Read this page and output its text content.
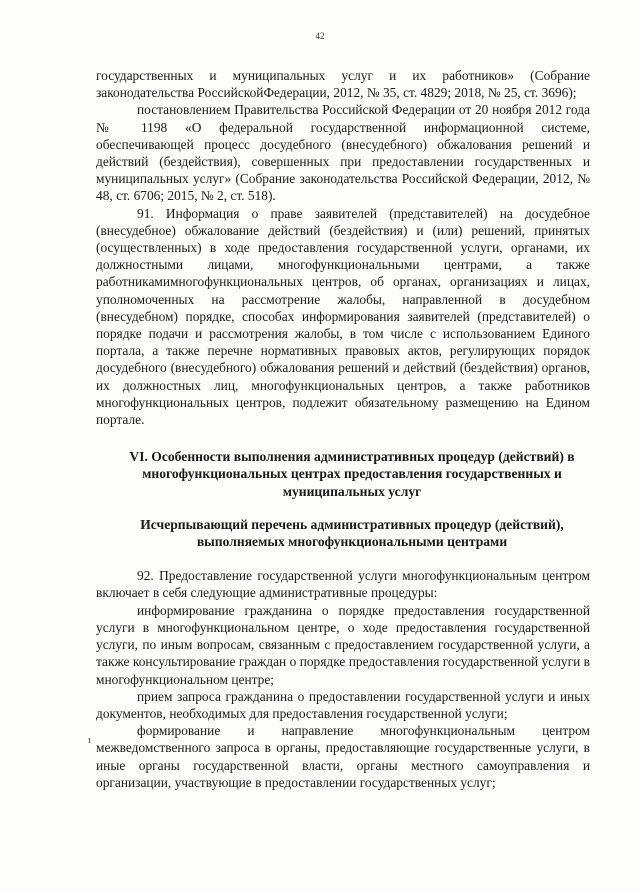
42

государственных и муниципальных услуг и их работников» (Собрание законодательства РоссийскойФедерации, 2012, № 35, ст. 4829; 2018, № 25, ст. 3696);

постановлением Правительства Российской Федерации от 20 ноября 2012 года № 1198 «О федеральной государственной информационной системе, обеспечивающей процесс досудебного (внесудебного) обжалования решений и действий (бездействия), совершенных при предоставлении государственных и муниципальных услуг» (Собрание законодательства Российской Федерации, 2012, № 48, ст. 6706; 2015, № 2, ст. 518).

91. Информация о праве заявителей (представителей) на досудебное (внесудебное) обжалование действий (бездействия) и (или) решений, принятых (осуществленных) в ходе предоставления государственной услуги, органами, их должностными лицами, многофункциональными центрами, а также работникамимногофункциональных центров, об органах, организациях и лицах, уполномоченных на рассмотрение жалобы, направленной в досудебном (внесудебном) порядке, способах информирования заявителей (представителей) о порядке подачи и рассмотрения жалобы, в том числе с использованием Единого портала, а также перечне нормативных правовых актов, регулирующих порядок досудебного (внесудебного) обжалования решений и действий (бездействия) органов, их должностных лиц, многофункциональных центров, а также работников многофункциональных центров, подлежит обязательному размещению на Едином портале.

VI. Особенности выполнения административных процедур (действий) в многофункциональных центрах предоставления государственных и муниципальных услуг
Исчерпывающий перечень административных процедур (действий), выполняемых многофункциональными центрами

92. Предоставление государственной услуги многофункциональным центром включает в себя следующие административные процедуры:

информирование гражданина о порядке предоставления государственной услуги в многофункциональном центре, о ходе предоставления государственной услуги, по иным вопросам, связанным с предоставлением государственной услуги, а также консультирование граждан о порядке предоставления государственной услуги в многофункциональном центре;

прием запроса гражданина о предоставлении государственной услуги и иных документов, необходимых для предоставления государственной услуги;

формирование и направление многофункциональным центром межведомственного запроса в органы, предоставляющие государственные услуги, в иные органы государственной власти, органы местного самоуправления и организации, участвующие в предоставлении государственных услуг;

ı
